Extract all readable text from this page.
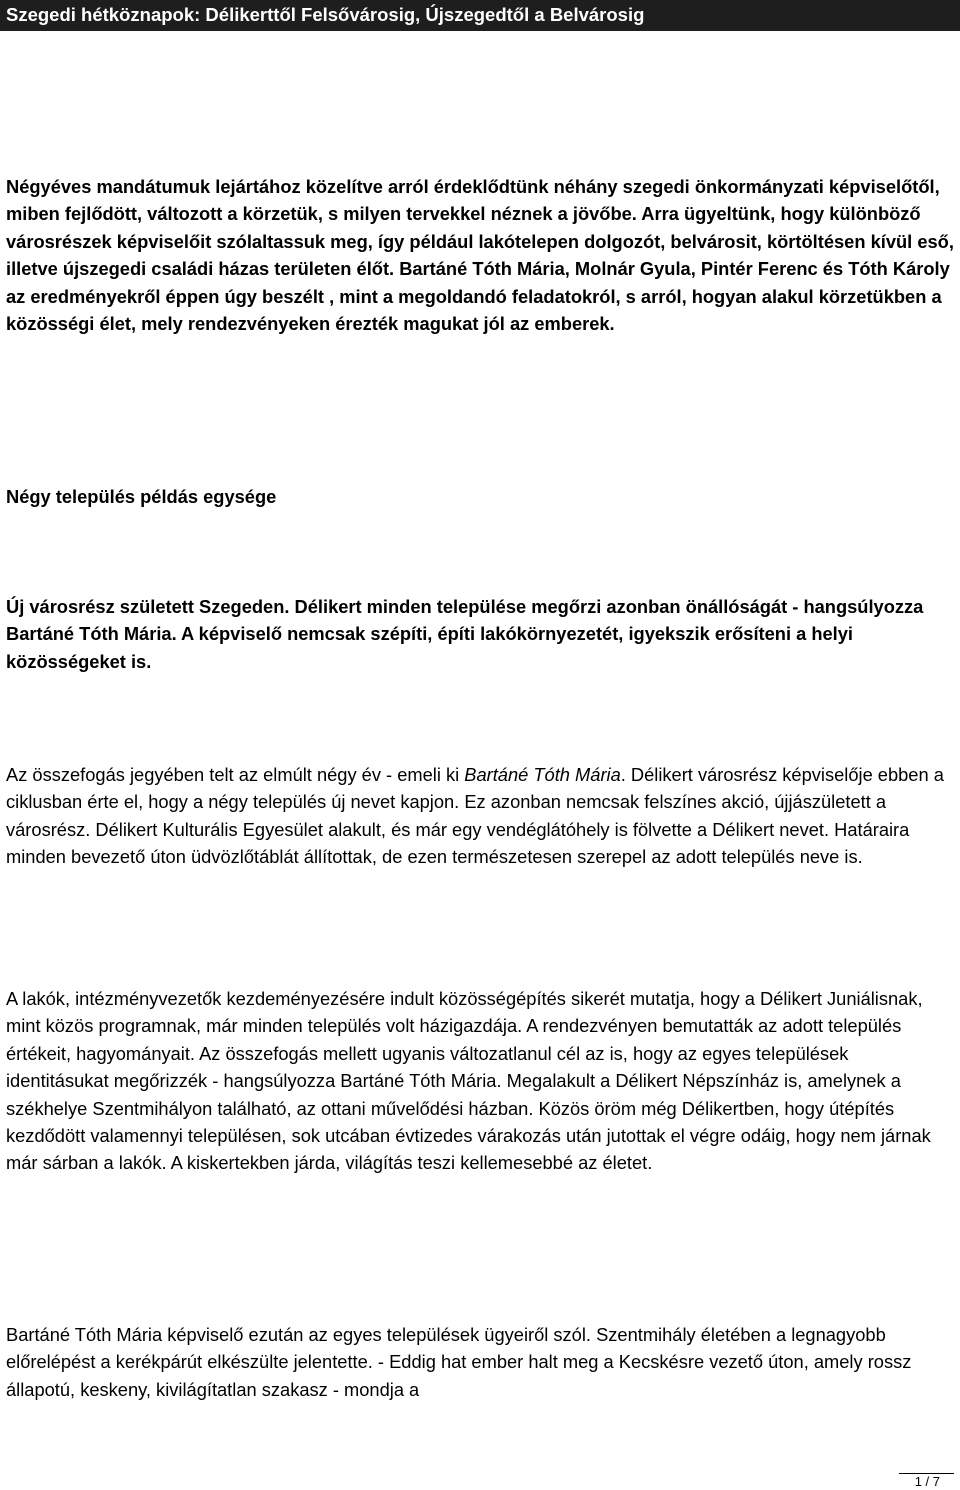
Szegedi hétköznapok: Délikerttől Felsővárosig, Újszegedtől a Belvárosig

Négyéves mandátumuk lejártához közelítve arról érdeklődtünk néhány szegedi önkormányzati képviselőtől, miben fejlődött, változott a körzetük, s milyen tervekkel néznek a jövőbe. Arra ügyeltünk, hogy különböző városrészek képviselőit szólaltassuk meg, így például lakótelepen dolgozót, belvárosit, körtöltésen kívül eső, illetve újszegedi családi házas területen élőt. Bartáné Tóth Mária, Molnár Gyula, Pintér Ferenc és Tóth Károly az eredményekről éppen úgy beszélt , mint a megoldandó feladatokról, s arról, hogyan alakul körzetükben a közösségi élet, mely rendezvényeken érezték magukat jól az emberek.

Négy település példás egysége

Új városrész született Szegeden. Délikert minden települése megőrzi azonban önállóságát - hangsúlyozza Bartáné Tóth Mária. A képviselő nemcsak szépíti, építi lakókörnyezetét, igyekszik erősíteni a helyi közösségeket is.

Az összefogás jegyében telt az elmúlt négy év - emeli ki Bartáné Tóth Mária. Délikert városrész képviselője ebben a ciklusban érte el, hogy a négy település új nevet kapjon. Ez azonban nemcsak felszínes akció, újjászületett a városrész. Délikert Kulturális Egyesület alakult, és már egy vendéglátóhely is fölvette a Délikert nevet. Határaira minden bevezető úton üdvözlőtáblát állítottak, de ezen természetesen szerepel az adott település neve is.

A lakók, intézményvezetők kezdeményezésére indult közösségépítés sikerét mutatja, hogy a Délikert Juniálisnak, mint közös programnak, már minden település volt házigazdája. A rendezvényen bemutatták az adott település értékeit, hagyományait. Az összefogás mellett ugyanis változatlanul cél az is, hogy az egyes települések identitásukat megőrizzék - hangsúlyozza Bartáné Tóth Mária. Megalakult a Délikert Népszínház is, amelynek a székhelye Szentmihályon található, az ottani művelődési házban. Közös öröm még Délikertben, hogy útépítés kezdődött valamennyi településen, sok utcában évtizedes várakozás után jutottak el végre odáig, hogy nem járnak már sárban a lakók. A kiskertekben járda, világítás teszi kellemesebbé az életet.

Bartáné Tóth Mária képviselő ezután az egyes települések ügyeiről szól. Szentmihály életében a legnagyobb előrelépést a kerékpárút elkészülte jelentette. - Eddig hat ember halt meg a Kecskésre vezető úton, amely rossz állapotú, keskeny, kivilágítatlan szakasz - mondja a

1 / 7
